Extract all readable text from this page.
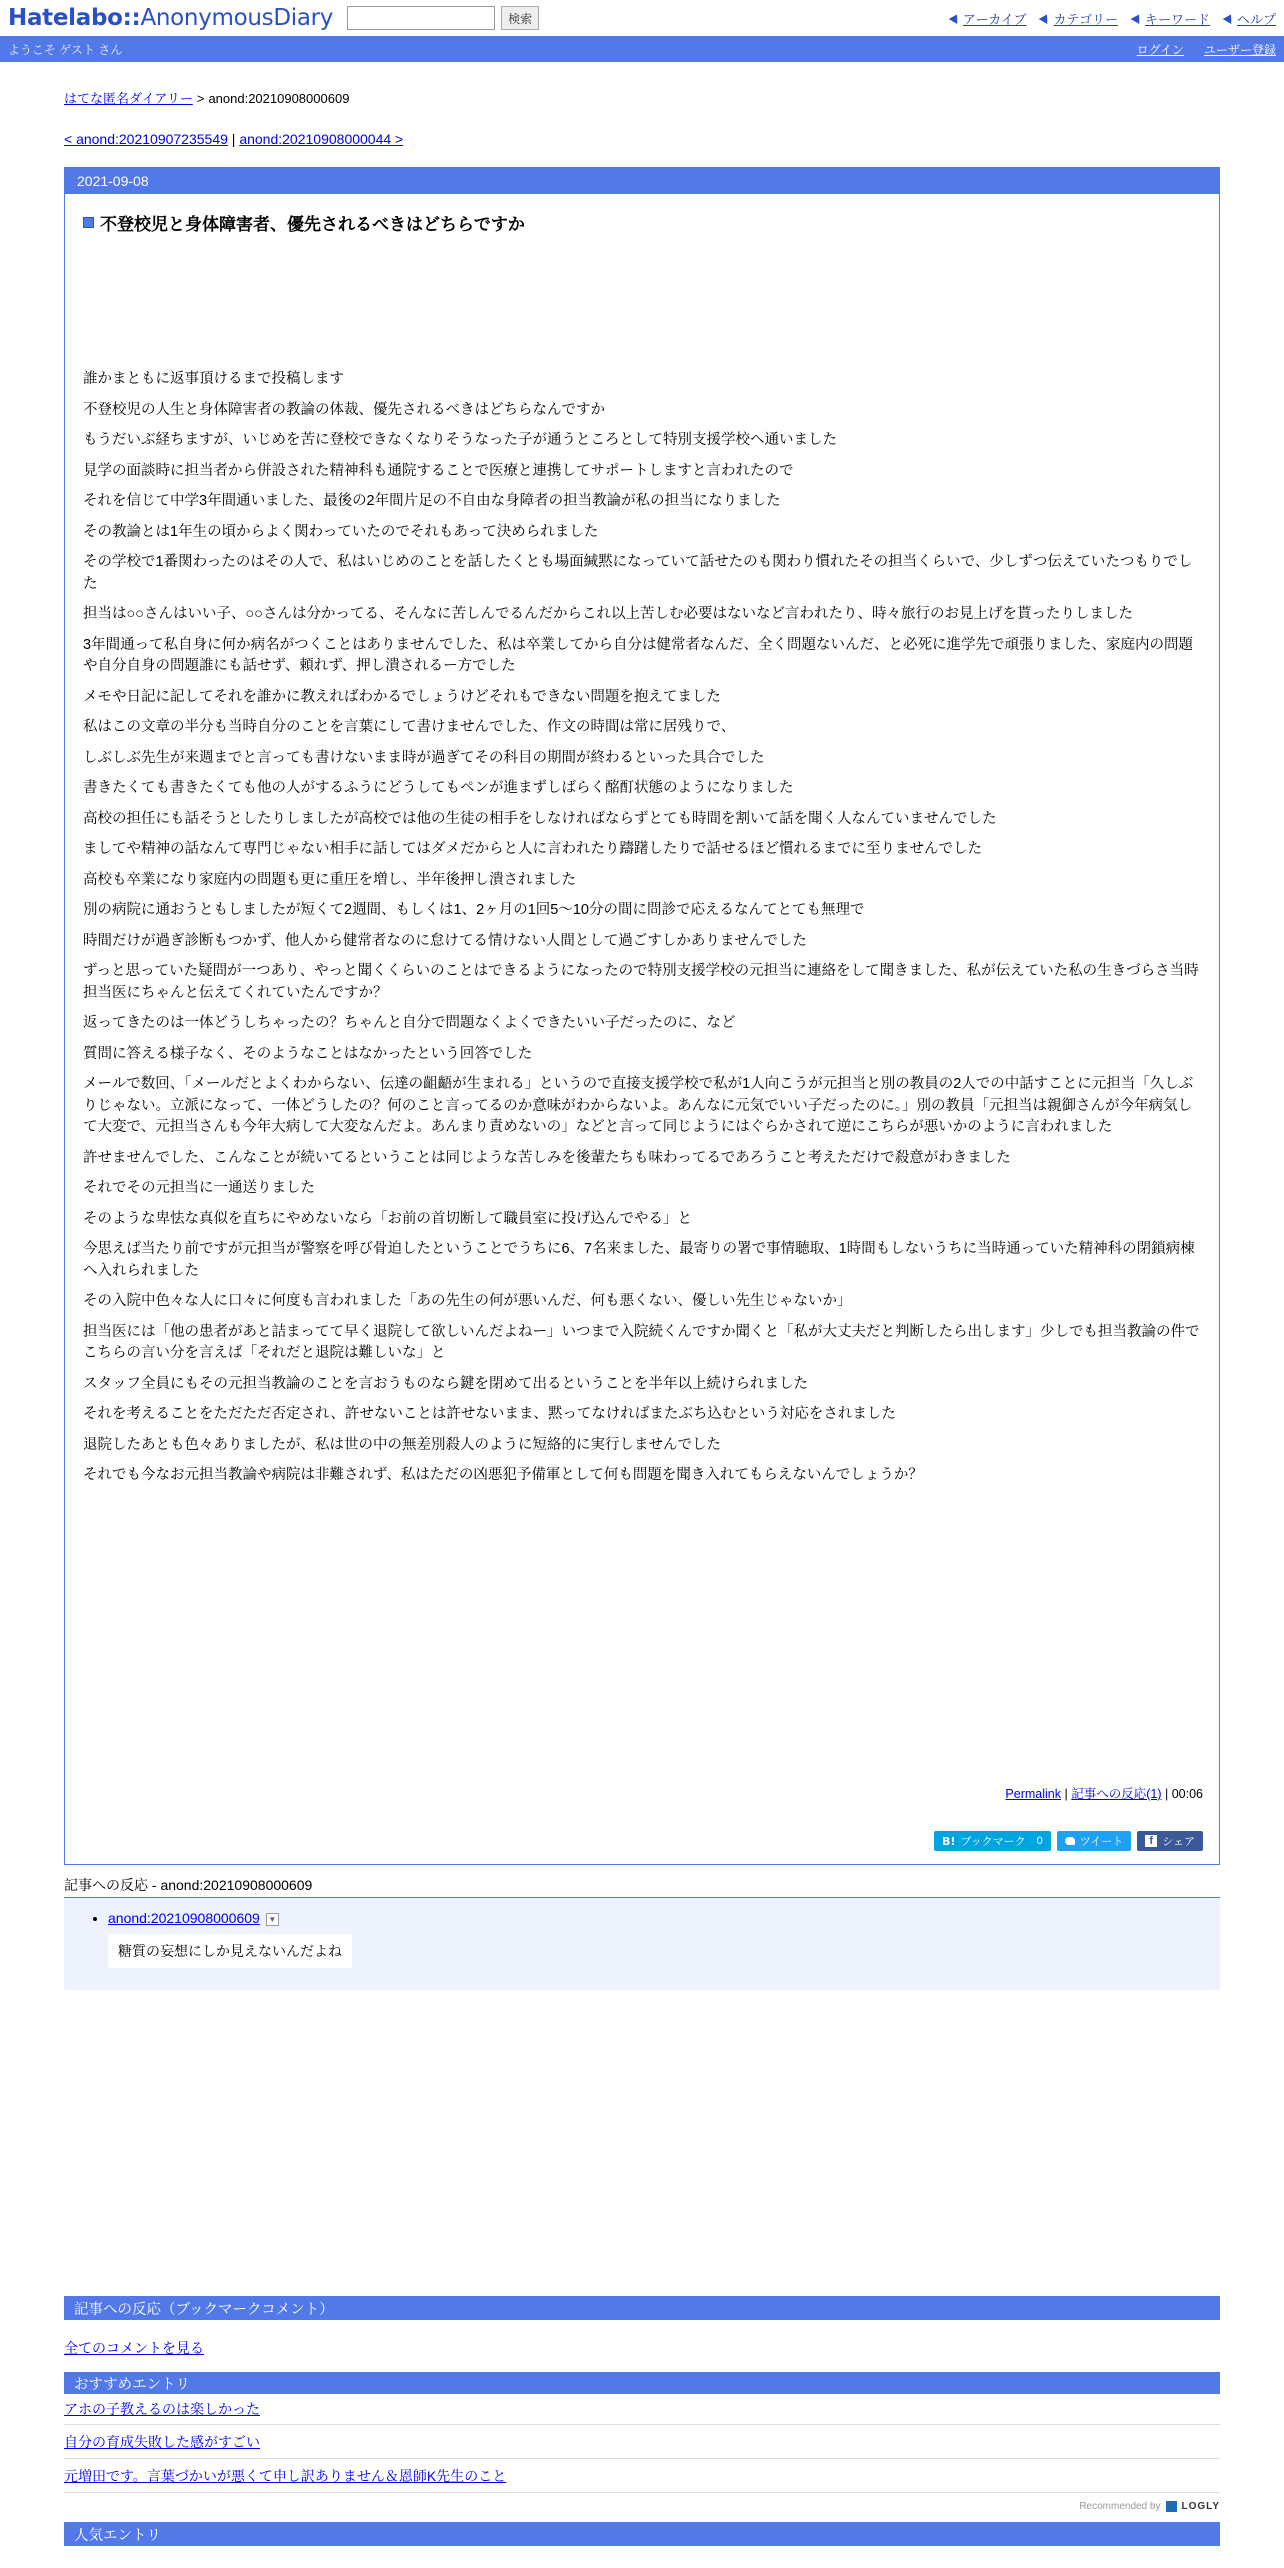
Hatelabo::AnonymousDiary	検索	アーカイブ カテゴリー キーワード ヘルプ
ようこそ ゲスト さん	ログイン ユーザー登録
はてな匿名ダイアリー > anond:20210908000609
< anond:20210907235549 | anond:20210908000044 >
2021-09-08
不登校児と身体障害者、優先されるべきはどちらですか

誰かまともに返事頂けるまで投稿します

不登校児の人生と身体障害者の教論の体裁、優先されるべきはどちらなんですか

もうだいぶ経ちますが、いじめを苦に登校できなくなりそうなった子が通うところとして特別支援学校へ通いました

見学の面談時に担当者から併設された精神科も通院することで医療と連携してサポートしますと言われたので

それを信じて中学3年間通いました、最後の2年間片足の不自由な身障者の担当教論が私の担当になりました

その教論とは1年生の頃からよく関わっていたのでそれもあって決められました

その学校で1番関わったのはその人で、私はいじめのことを話したくとも場面緘黙になっていて話せたのも関わり慣れたその担当くらいで、少しずつ伝えていたつもりでした

担当は○○さんはいい子、○○さんは分かってる、そんなに苦しんでるんだからこれ以上苦しむ必要はないなど言われたり、時々旅行のお見上げを貰ったりしました

3年間通って私自身に何か病名がつくことはありませんでした、私は卒業してから自分は健常者なんだ、全く問題ないんだ、と必死に進学先で頑張りました、家庭内の問題や自分自身の問題誰にも話せず、頼れず、押し潰されるー方でした

メモや日記に記してそれを誰かに教えればわかるでしょうけどそれもできない問題を抱えてました

私はこの文章の半分も当時自分のことを言葉にして書けませんでした、作文の時間は常に居残りで、

しぶしぶ先生が来週までと言っても書けないまま時が過ぎてその科目の期間が終わるといった具合でした

書きたくても書きたくても他の人がするふうにどうしてもペンが進まずしばらく酩酊状態のようになりました

高校の担任にも話そうとしたりしましたが高校では他の生徒の相手をしなければならずとても時間を割いて話を聞く人なんていませんでした

ましてや精神の話なんて専門じゃない相手に話してはダメだからと人に言われたり躊躇したりで話せるほど慣れるまでに至りませんでした

高校も卒業になり家庭内の問題も更に重圧を増し、半年後押し潰されました

別の病院に通おうともしましたが短くて2週間、もしくは1、2ヶ月の1回5〜10分の間に問診で応えるなんてとても無理で

時間だけが過ぎ診断もつかず、他人から健常者なのに怠けてる情けない人間として過ごすしかありませんでした

ずっと思っていた疑問が一つあり、やっと聞くくらいのことはできるようになったので特別支援学校の元担当に連絡をして聞きました、私が伝えていた私の生きづらさ当時担当医にちゃんと伝えてくれていたんですか？

返ってきたのは一体どうしちゃったの？ちゃんと自分で問題なくよくできたいい子だったのに、など

質問に答える様子なく、そのようなことはなかったという回答でした

メールで数回、「メールだとよくわからない、伝達の齟齬が生まれる」というので直接支援学校で私が1人向こうが元担当と別の教員の2人での中話すことに元担当「久しぶりじゃない。立派になって、一体どうしたの？何のこと言ってるのか意味がわからないよ。あんなに元気でいい子だったのに。」別の教員「元担当は親御さんが今年病気して大変で、元担当さんも今年大病して大変なんだよ。あんまり責めないの」などと言って同じようにはぐらかされて逆にこちらが悪いかのように言われました

許せませんでした、こんなことが続いてるということは同じような苦しみを後輩たちも味わってるであろうこと考えただけで殺意がわきました

それでその元担当に一通送りました

そのような卑怯な真似を直ちにやめないなら「お前の首切断して職員室に投げ込んでやる」と

今思えば当たり前ですが元担当が警察を呼び骨迫したということでうちに6、7名来ました、最寄りの署で事情聴取、1時間もしないうちに当時通っていた精神科の閉鎖病棟へ入れられました

その入院中色々な人に口々に何度も言われました「あの先生の何が悪いんだ、何も悪くない、優しい先生じゃないか」

担当医には「他の患者があと詰まってて早く退院して欲しいんだよねー」いつまで入院続くんですか聞くと「私が大丈夫だと判断したら出します」少しでも担当教論の件でこちらの言い分を言えば「それだと退院は難しいな」と

スタッフ全員にもその元担当教論のことを言おうものなら鍵を閉めて出るということを半年以上続けられました

それを考えることをただただ否定され、許せないことは許せないまま、黙ってなければまたぶち込むという対応をされました

退院したあとも色々ありましたが、私は世の中の無差別殺人のように短絡的に実行しませんでした

それでも今なお元担当教論や病院は非難されず、私はただの凶悪犯予備軍として何も問題を聞き入れてもらえないんでしょうか？

Permalink | 記事への反応(1) | 00:06
B! ブックマーク 0	ツイート	f シェア
記事への反応 - anond:20210908000609
• anond:20210908000609 ▼
糖質の妄想にしか見えないんだよね
記事への反応（ブックマークコメント）
全てのコメントを見る
おすすめエントリ
アホの子教えるのは楽しかった
自分の育成失敗した感がすごい
元増田です。言葉づかいが悪くて申し訳ありません＆恩師K先生のこと
Recommended by LOGLY
人気エントリ
